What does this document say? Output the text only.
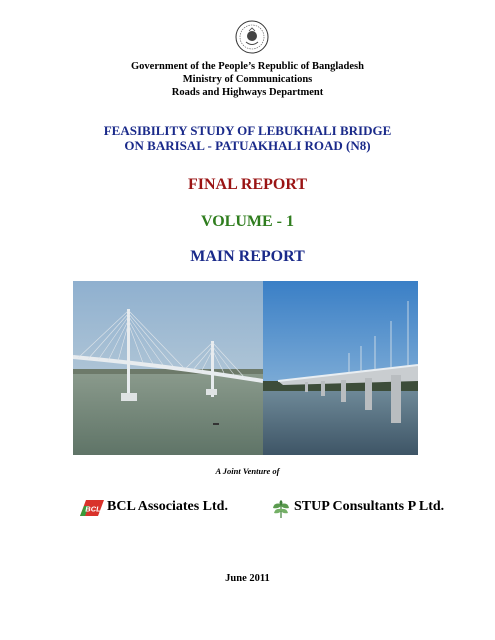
Government of the People’s Republic of Bangladesh
Ministry of Communications
Roads and Highways Department
FEASIBILITY STUDY OF LEBUKHALI BRIDGE
ON BARISAL - PATUAKHALI ROAD (N8)
FINAL REPORT
VOLUME - 1
MAIN REPORT
A Joint Venture of
BCL BCL Associates Ltd.	STUP Consultants P Ltd.
June 2011
